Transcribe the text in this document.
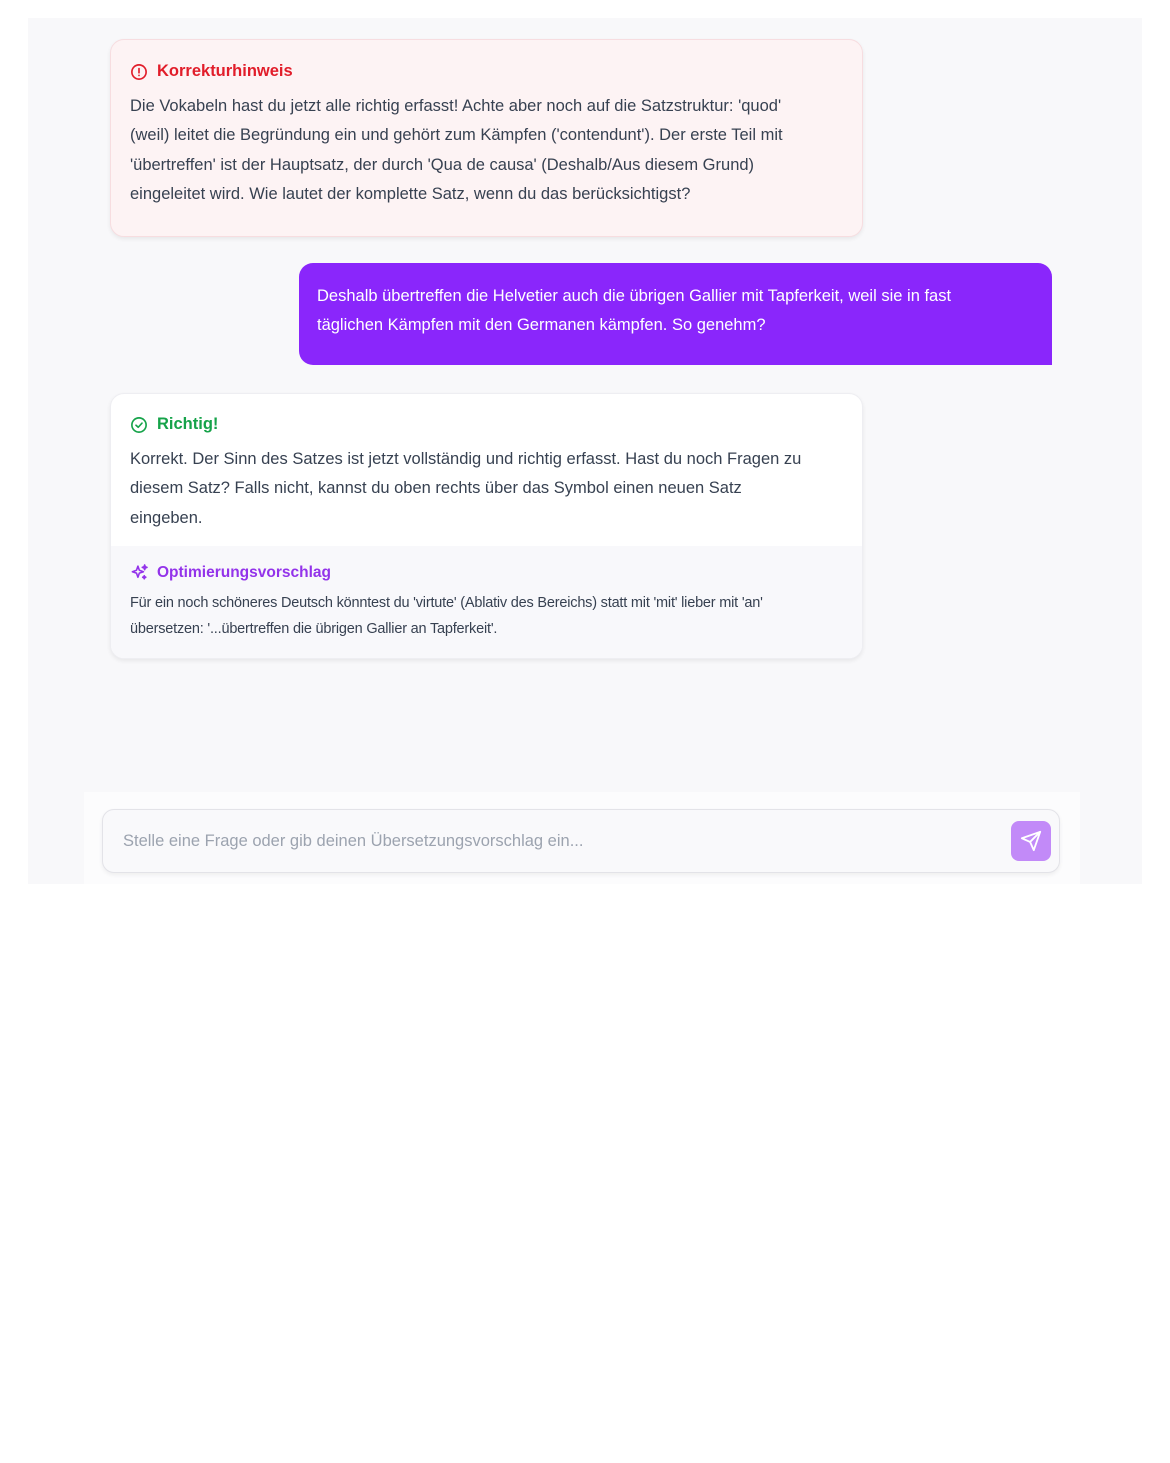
Korrekturhinweis
Die Vokabeln hast du jetzt alle richtig erfasst! Achte aber noch auf die Satzstruktur: 'quod'
(weil) leitet die Begründung ein und gehört zum Kämpfen ('contendunt'). Der erste Teil mit
'übertreffen' ist der Hauptsatz, der durch 'Qua de causa' (Deshalb/Aus diesem Grund)
eingeleitet wird. Wie lautet der komplette Satz, wenn du das berücksichtigst?
Deshalb übertreffen die Helvetier auch die übrigen Gallier mit Tapferkeit, weil sie in fast
täglichen Kämpfen mit den Germanen kämpfen. So genehm?
Richtig!
Korrekt. Der Sinn des Satzes ist jetzt vollständig und richtig erfasst. Hast du noch Fragen zu
diesem Satz? Falls nicht, kannst du oben rechts über das Symbol einen neuen Satz
eingeben.
Optimierungsvorschlag
Für ein noch schöneres Deutsch könntest du 'virtute' (Ablativ des Bereichs) statt mit 'mit' lieber mit 'an'
übersetzen: '...übertreffen die übrigen Gallier an Tapferkeit'.
Stelle eine Frage oder gib deinen Übersetzungsvorschlag ein...
